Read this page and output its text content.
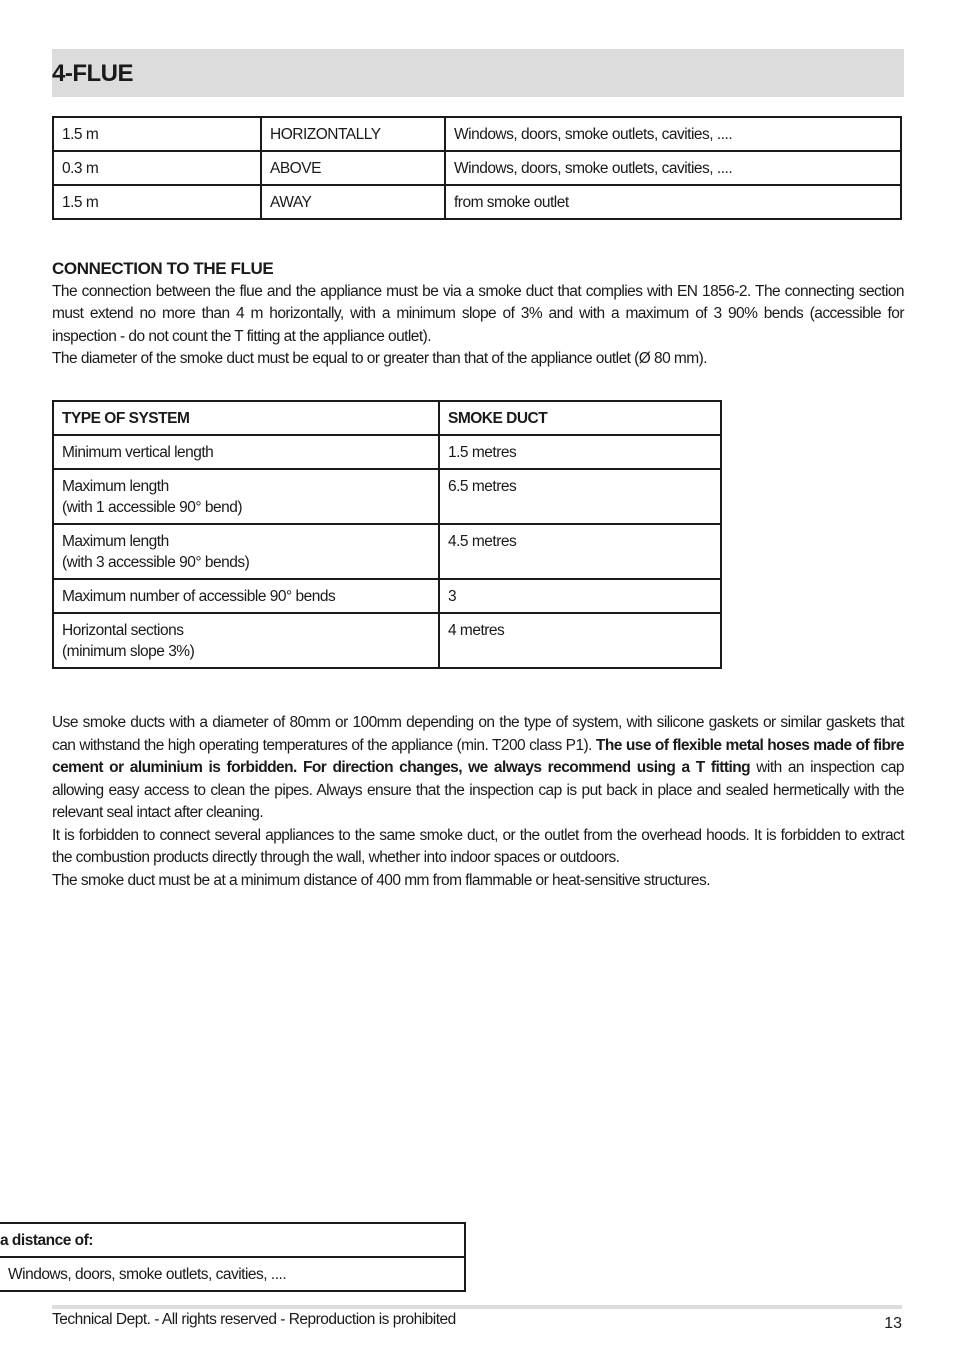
4-FLUE
1.5 m	HORIZONTALLY	Windows, doors, smoke outlets, cavities, ....
0.3 m	ABOVE	Windows, doors, smoke outlets, cavities, ....
1.5 m	AWAY	from smoke outlet
CONNECTION TO THE FLUE

The connection between the flue and the appliance must be via a smoke duct that complies with EN 1856-2. The connecting section must extend no more than 4 m horizontally, with a minimum slope of 3% and with a maximum of 3 90% bends (accessible for inspection - do not count the T fitting at the appliance outlet).

The diameter of the smoke duct must be equal to or greater than that of the appliance outlet (Ø 80 mm).

TYPE OF SYSTEM	SMOKE DUCT
Minimum vertical length	1.5 metres
Maximum length
(with 1 accessible 90° bend)	6.5 metres
Maximum length
(with 3 accessible 90° bends)	4.5 metres
Maximum number of accessible 90° bends	3
Horizontal sections
(minimum slope 3%)	4 metres

Use smoke ducts with a diameter of 80mm or 100mm depending on the type of system, with silicone gaskets or similar gaskets that can withstand the high operating temperatures of the appliance (min. T200 class P1). The use of flexible metal hoses made of fibre cement or aluminium is forbidden. For direction changes, we always recommend using a T fitting with an inspection cap allowing easy access to clean the pipes. Always ensure that the inspection cap is put back in place and sealed hermetically with the relevant seal intact after cleaning.

It is forbidden to connect several appliances to the same smoke duct, or the outlet from the overhead hoods. It is forbidden to extract the combustion products directly through the wall, whether into indoor spaces or outdoors.

The smoke duct must be at a minimum distance of 400 mm from flammable or heat-sensitive structures.

a distance of:
	Windows, doors, smoke outlets, cavities, ....
Technical Dept. - All rights reserved - Reproduction is prohibited	13
